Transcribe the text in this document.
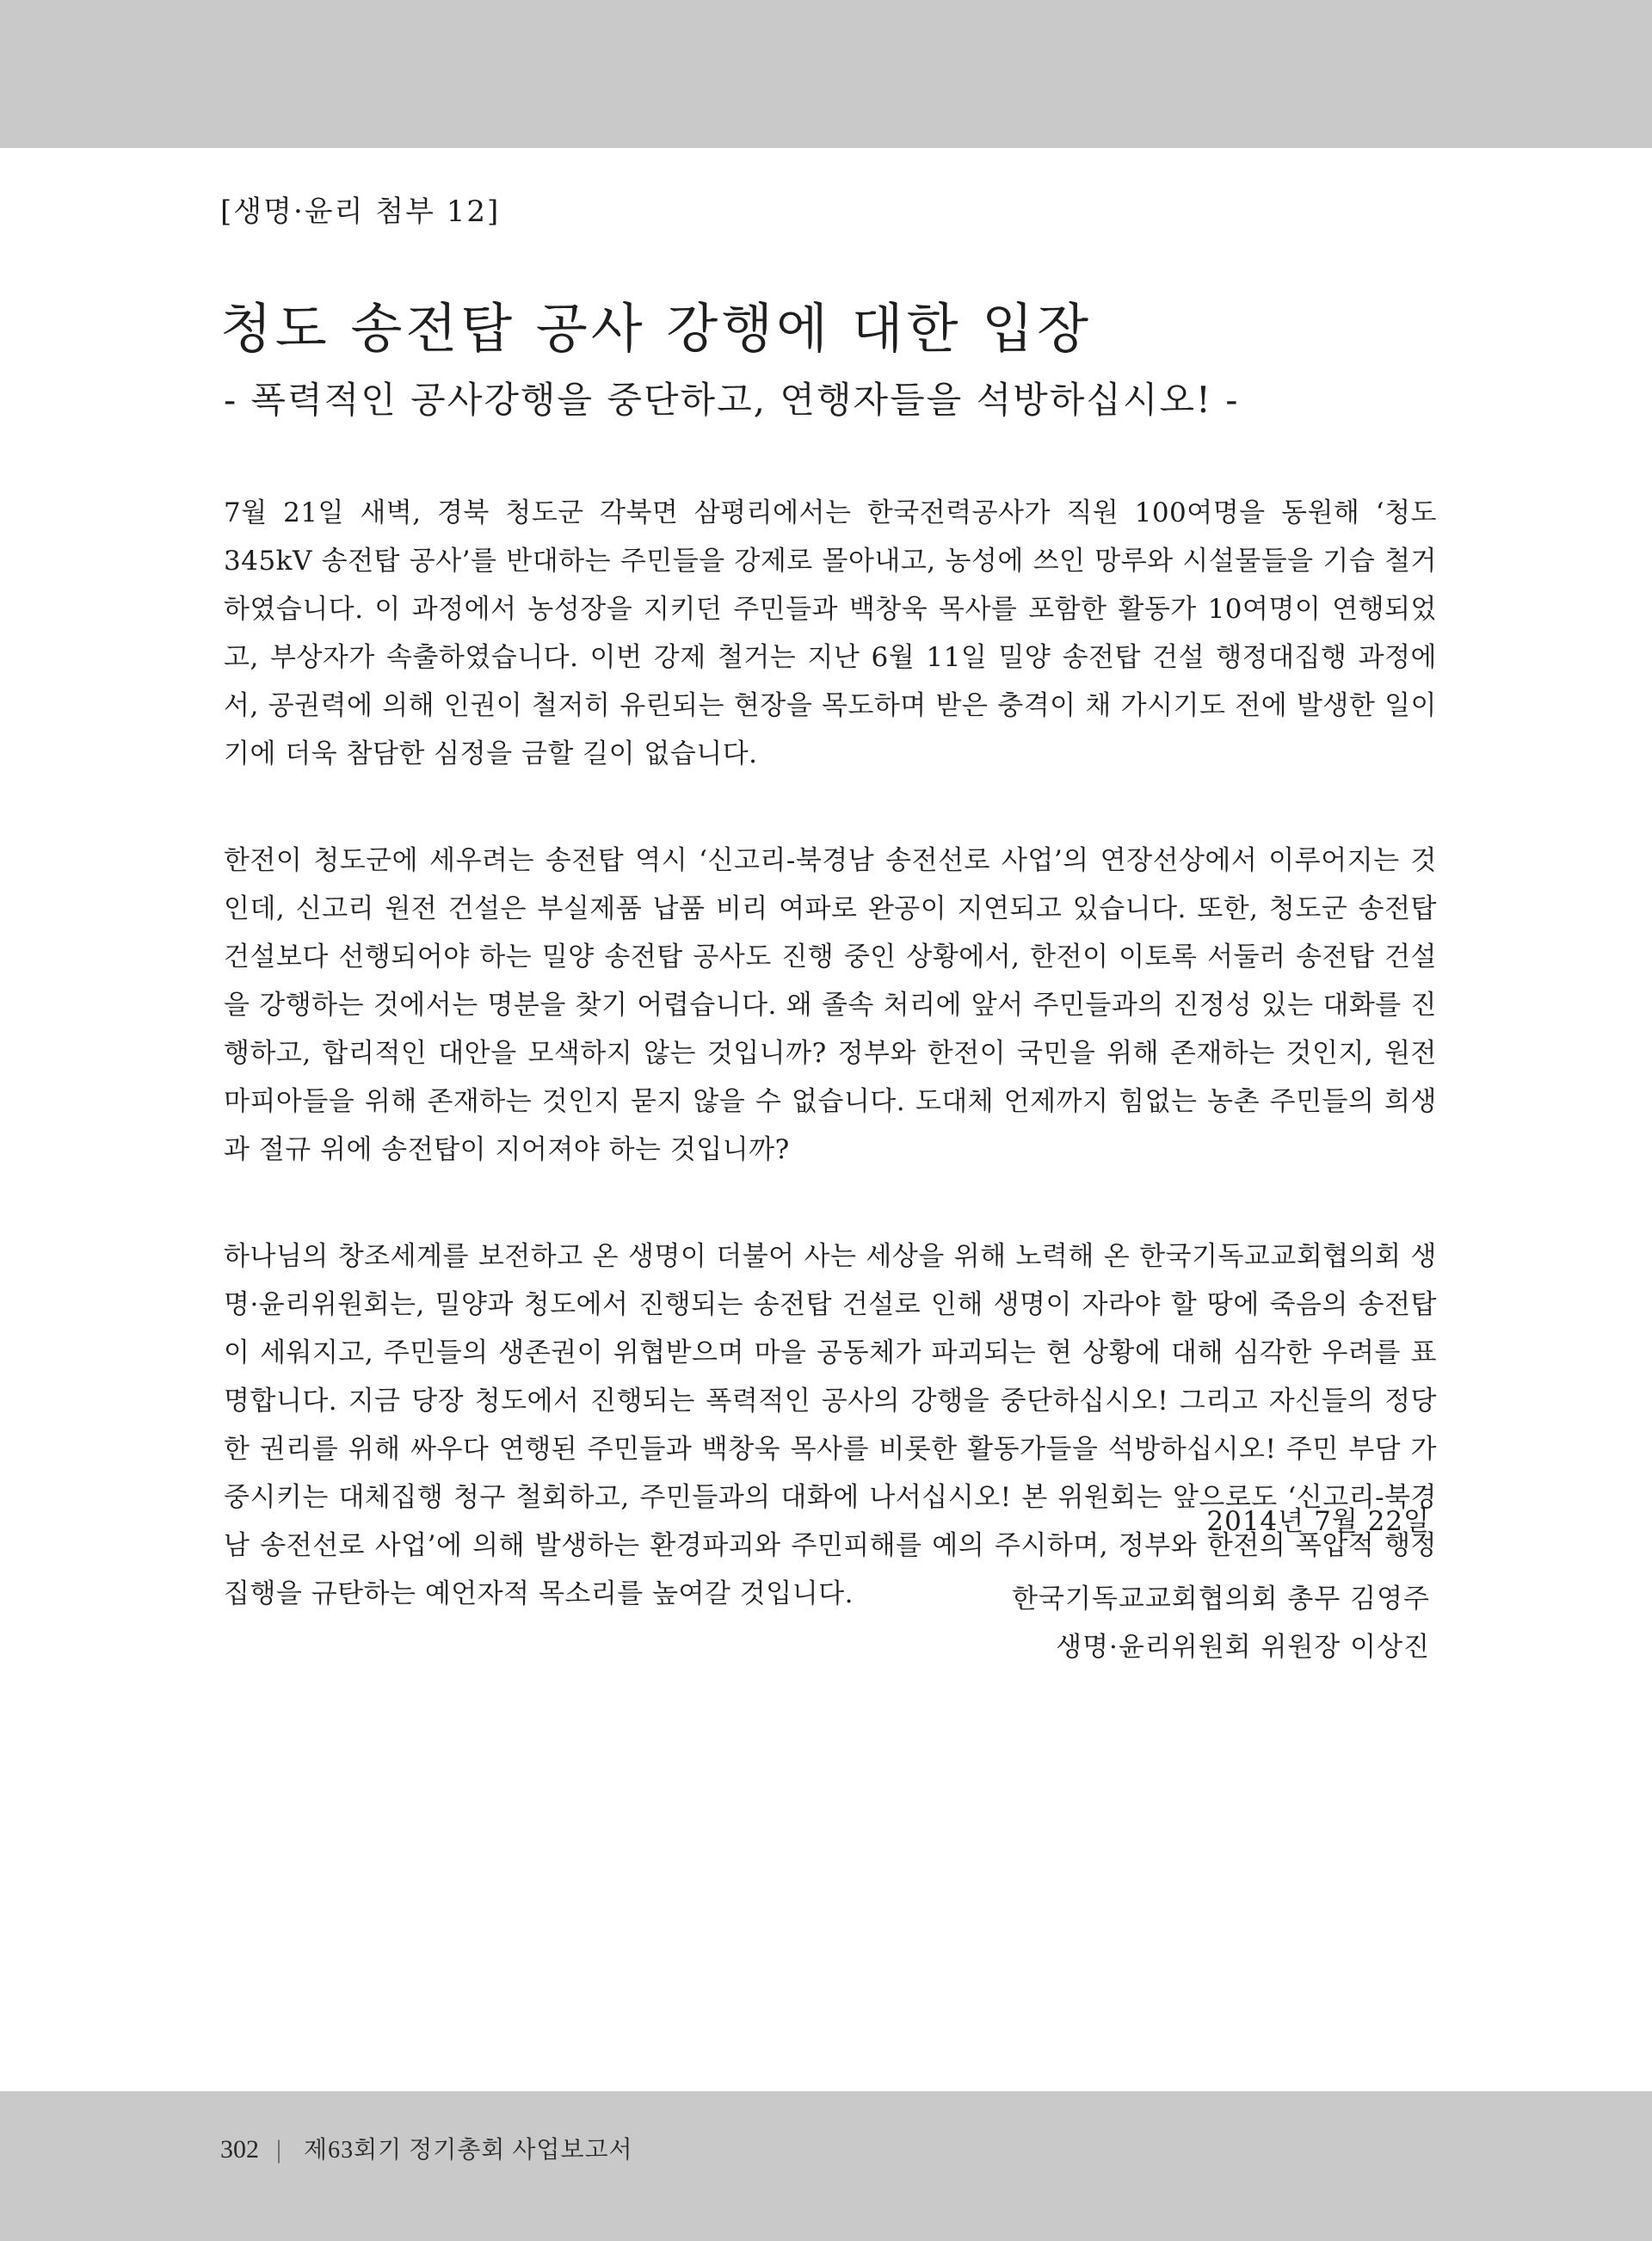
[생명·윤리 첨부 12]
청도 송전탑 공사 강행에 대한 입장
- 폭력적인 공사강행을 중단하고, 연행자들을 석방하십시오! -

7월 21일 새벽, 경북 청도군 각북면 삼평리에서는 한국전력공사가 직원 100여명을 동원해 ‘청도 345kV 송전탑 공사’를 반대하는 주민들을 강제로 몰아내고, 농성에 쓰인 망루와 시설물들을 기습 철거하였습니다. 이 과정에서 농성장을 지키던 주민들과 백창욱 목사를 포함한 활동가 10여명이 연행되었고, 부상자가 속출하였습니다. 이번 강제 철거는 지난 6월 11일 밀양 송전탑 건설 행정대집행 과정에서, 공권력에 의해 인권이 철저히 유린되는 현장을 목도하며 받은 충격이 채 가시기도 전에 발생한 일이기에 더욱 참담한 심정을 금할 길이 없습니다.

한전이 청도군에 세우려는 송전탑 역시 ‘신고리-북경남 송전선로 사업’의 연장선상에서 이루어지는 것인데, 신고리 원전 건설은 부실제품 납품 비리 여파로 완공이 지연되고 있습니다. 또한, 청도군 송전탑 건설보다 선행되어야 하는 밀양 송전탑 공사도 진행 중인 상황에서, 한전이 이토록 서둘러 송전탑 건설을 강행하는 것에서는 명분을 찾기 어렵습니다. 왜 졸속 처리에 앞서 주민들과의 진정성 있는 대화를 진행하고, 합리적인 대안을 모색하지 않는 것입니까? 정부와 한전이 국민을 위해 존재하는 것인지, 원전 마피아들을 위해 존재하는 것인지 묻지 않을 수 없습니다. 도대체 언제까지 힘없는 농촌 주민들의 희생과 절규 위에 송전탑이 지어져야 하는 것입니까?

하나님의 창조세계를 보전하고 온 생명이 더불어 사는 세상을 위해 노력해 온 한국기독교교회협의회 생명·윤리위원회는, 밀양과 청도에서 진행되는 송전탑 건설로 인해 생명이 자라야 할 땅에 죽음의 송전탑이 세워지고, 주민들의 생존권이 위협받으며 마을 공동체가 파괴되는 현 상황에 대해 심각한 우려를 표명합니다. 지금 당장 청도에서 진행되는 폭력적인 공사의 강행을 중단하십시오! 그리고 자신들의 정당한 권리를 위해 싸우다 연행된 주민들과 백창욱 목사를 비롯한 활동가들을 석방하십시오! 주민 부담 가중시키는 대체집행 청구 철회하고, 주민들과의 대화에 나서십시오! 본 위원회는 앞으로도 ‘신고리-북경남 송전선로 사업’에 의해 발생하는 환경파괴와 주민피해를 예의 주시하며, 정부와 한전의 폭압적 행정 집행을 규탄하는 예언자적 목소리를 높여갈 것입니다.

2014년 7월 22일
한국기독교교회협의회 총무 김영주
생명·윤리위원회 위원장 이상진
302 | 제63회기 정기총회 사업보고서
